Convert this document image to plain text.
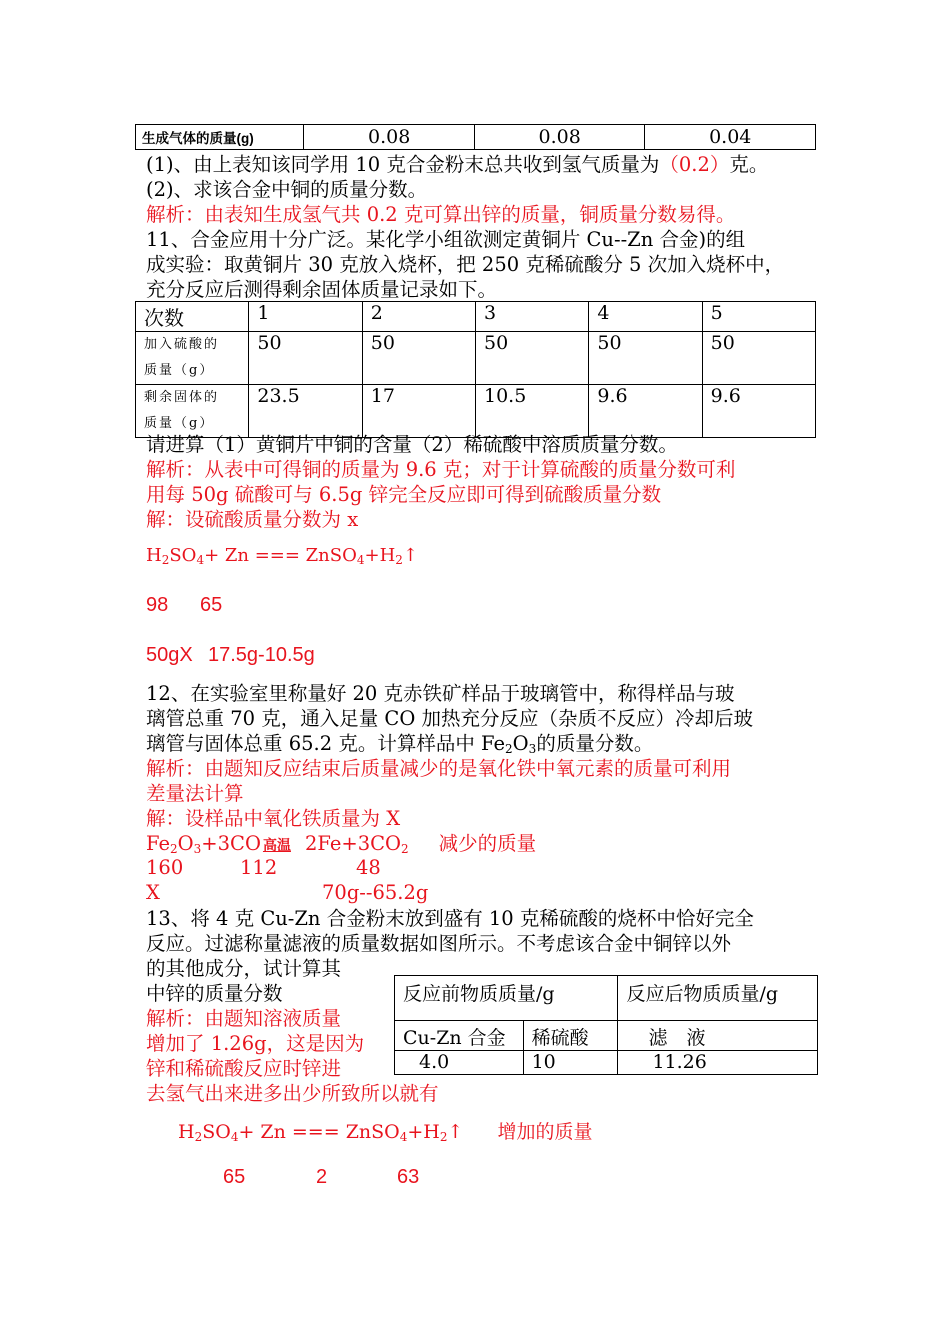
生成气体的质量(g)	0.08	0.08	0.04
(1)、由上表知该同学用 10 克合金粉末总共收到氢气质量为（0.2）克。
(2)、求该合金中铜的质量分数。
解析：由表知生成氢气共 0.2 克可算出锌的质量，铜质量分数易得。
11、合金应用十分广泛。某化学小组欲测定黄铜片 Cu--Zn 合金)的组
成实验：取黄铜片 30 克放入烧杯，把 250 克稀硫酸分 5 次加入烧杯中，
充分反应后测得剩余固体质量记录如下。
次数	1	2	3	4	5

加入硫酸的
质量（g）	50	50	50	50	50

剩余固体的
质量（g）	23.5	17	10.5	9.6	9.6
请进算（1）黄铜片中铜的含量（2）稀硫酸中溶质质量分数。
解析：从表中可得铜的质量为 9.6 克；对于计算硫酸的质量分数可利
用每 50g 硫酸可与 6.5g 锌完全反应即可得到硫酸质量分数
解：设硫酸质量分数为 x
$H_2SO_4+ Zn$ === $ZnSO_4+H_2↑$
98 65
50gX 17.5g-10.5g
12、在实验室里称量好 20 克赤铁矿样品于玻璃管中，称得样品与玻
璃管总重 70 克，通入足量 CO 加热充分反应（杂质不反应）冷却后玻
璃管与固体总重 65.2 克。计算样品中 $Fe_2O_3$的质量分数。
解析：由题知反应结束后质量减少的是氧化铁中氧元素的质量可利用
差量法计算
解：设样品中氧化铁质量为 X
$Fe_2O_3+3CO$ 高温 $2Fe+3CO_2$ 减少的质量
160	112	48
X	70g--65.2g
13、将 4 克 Cu-Zn 合金粉末放到盛有 10 克稀硫酸的烧杯中恰好完全
反应。过滤称量滤液的质量数据如图所示。不考虑该合金中铜锌以外
的其他成分，试计算其
中锌的质量分数
解析：由题知溶液质量
增加了 1.26g，这是因为
锌和稀硫酸反应时锌进
去氢气出来进多出少所致所以就有
反应前物质质量/g		反应后物质质量/g
Cu-Zn 合金	稀硫酸	滤　液
4.0	10	11.26
$H_2SO_4+ Zn$ === $ZnSO_4+H_2↑$ 增加的质量
65	2	63
